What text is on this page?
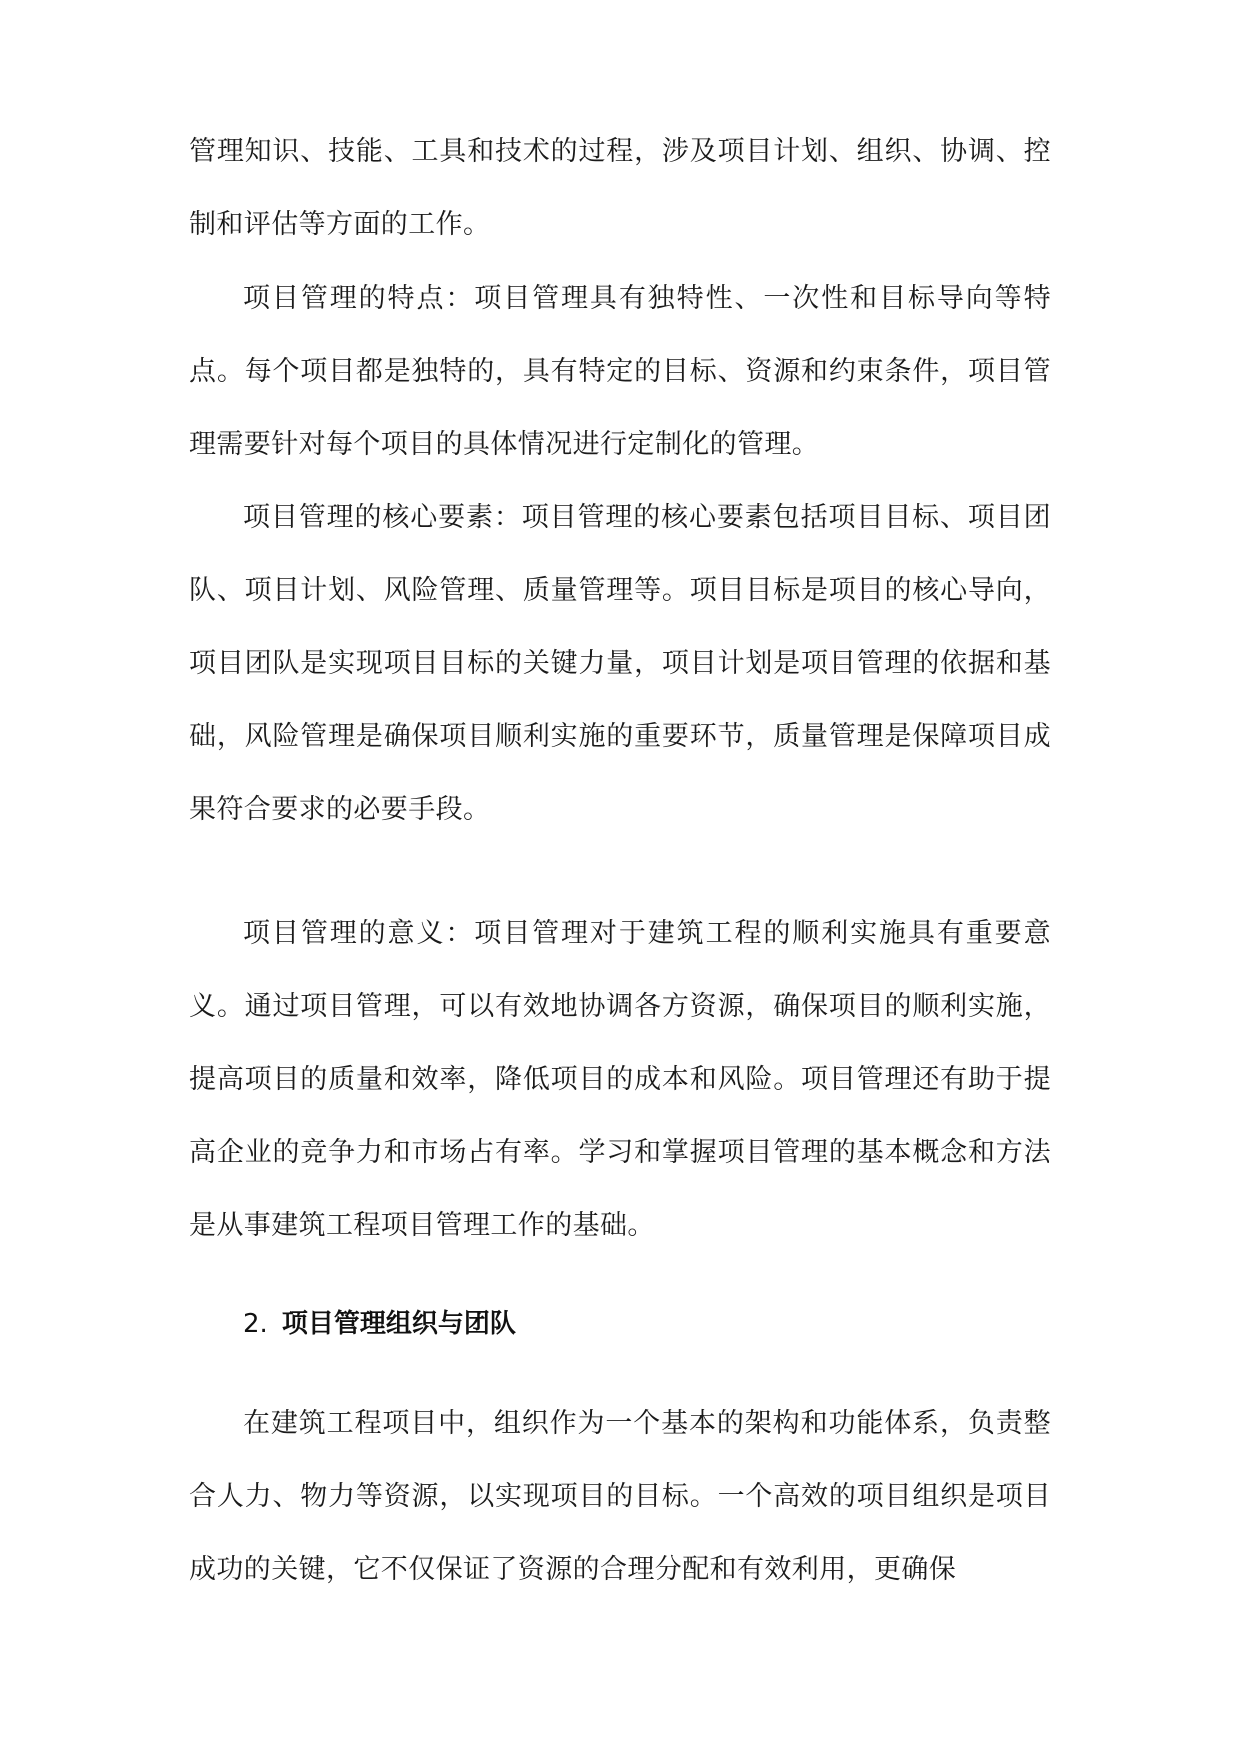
管理知识、技能、工具和技术的过程，涉及项目计划、组织、协调、控制和评估等方面的工作。

项目管理的特点：项目管理具有独特性、一次性和目标导向等特点。每个项目都是独特的，具有特定的目标、资源和约束条件，项目管理需要针对每个项目的具体情况进行定制化的管理。

项目管理的核心要素：项目管理的核心要素包括项目目标、项目团队、项目计划、风险管理、质量管理等。项目目标是项目的核心导向，项目团队是实现项目目标的关键力量，项目计划是项目管理的依据和基础，风险管理是确保项目顺利实施的重要环节，质量管理是保障项目成果符合要求的必要手段。

项目管理的意义：项目管理对于建筑工程的顺利实施具有重要意义。通过项目管理，可以有效地协调各方资源，确保项目的顺利实施，提高项目的质量和效率，降低项目的成本和风险。项目管理还有助于提高企业的竞争力和市场占有率。学习和掌握项目管理的基本概念和方法是从事建筑工程项目管理工作的基础。

2. 项目管理组织与团队

在建筑工程项目中，组织作为一个基本的架构和功能体系，负责整合人力、物力等资源，以实现项目的目标。一个高效的项目组织是项目成功的关键，它不仅保证了资源的合理分配和有效利用，更确保
